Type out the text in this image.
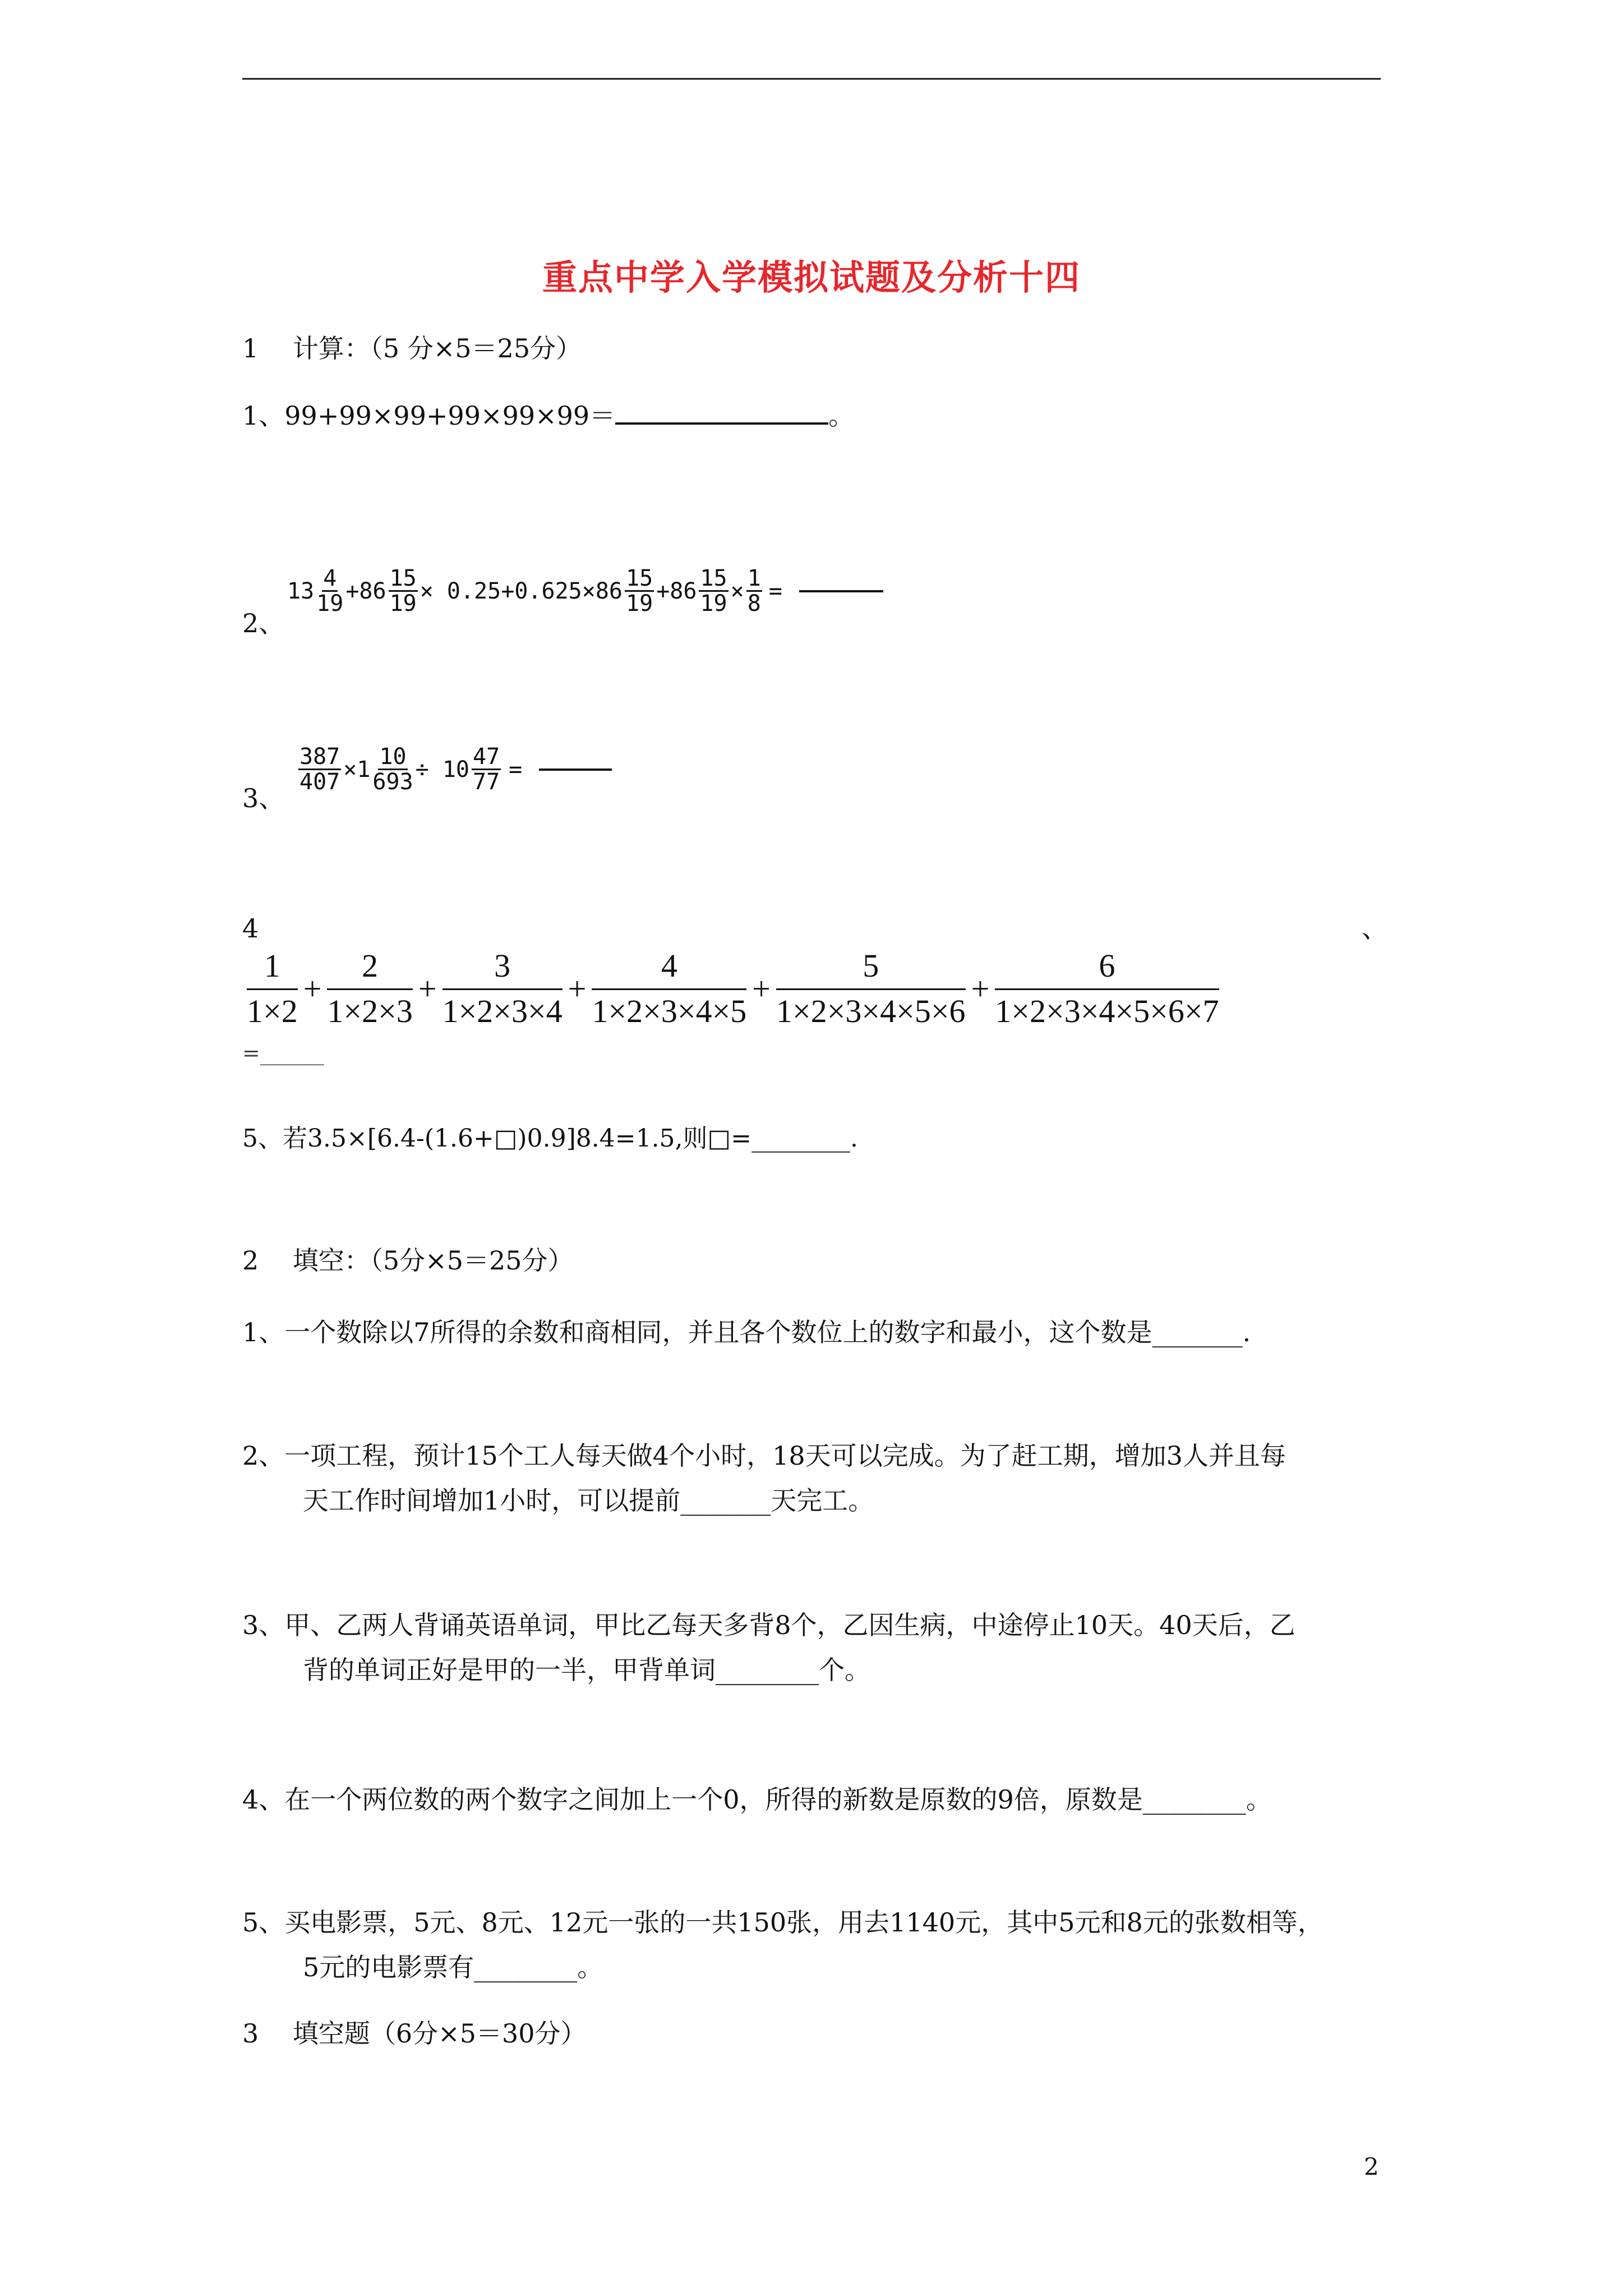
重点中学入学模拟试题及分析十四
1　 计算：（5 分×5＝25分）
1、99+99×99+99×99×99＝	。
2、
$13 \frac{4}{19} +86 \frac{15}{19} \times 0.25+0.625\times 86 \frac{15}{19} +86 \frac{15}{19} \times \frac{1}{8}$ =
3、
$\frac{387}{407} \times 1 \frac{10}{693} \div 10 \frac{47}{77}$ =
4	、
$\frac{1}{1\times 2} + \frac{2}{1\times 2\times 3} + \frac{3}{1\times 2\times 3\times 4} + \frac{4}{1\times 2\times 3\times 4\times 5} + \frac{5}{1\times 2\times 3\times 4\times 5\times 6} + \frac{6}{1\times 2\times 3\times 4\times 5\times 6\times 7}$
=______
5、若3.5×[6.4-(1.6+□)0.9]8.4=1.5,则□=________.
2　 填空：（5分×5＝25分）
1、一个数除以7所得的余数和商相同，并且各个数位上的数字和最小，这个数是_______.
2、一项工程，预计15个工人每天做4个小时，18天可以完成。为了赶工期，增加3人并且每
天工作时间增加1小时，可以提前_______天完工。
3、甲、乙两人背诵英语单词，甲比乙每天多背8个，乙因生病，中途停止10天。40天后，乙
背的单词正好是甲的一半，甲背单词________个。
4、在一个两位数的两个数字之间加上一个0，所得的新数是原数的9倍，原数是________。
5、买电影票，5元、8元、12元一张的一共150张，用去1140元，其中5元和8元的张数相等，
5元的电影票有________。
3　 填空题（6分×5＝30分）
2
